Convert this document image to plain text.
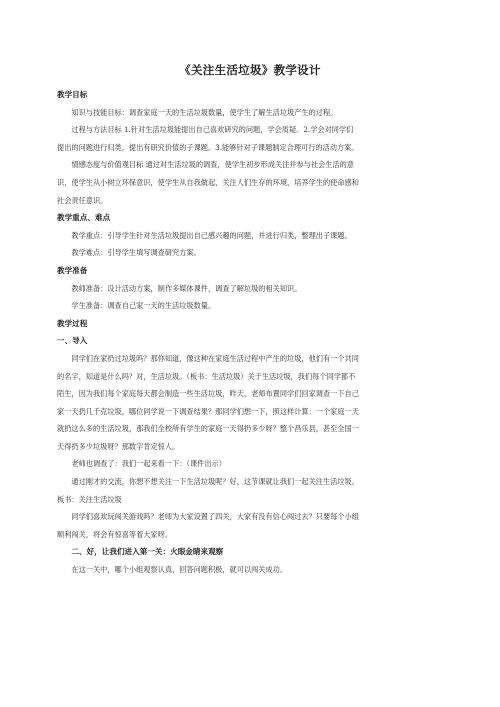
《关注生活垃圾》教学设计
教学目标
知识与技能目标：调查家庭一天的生活垃圾数量，使学生了解生活垃圾产生的过程。
过程与方法目标 1.针对生活垃圾能提出自己喜欢研究的问题，学会质疑。2.学会对同学们
提出的问题进行归类，提出有研究价值的子课题。3.能够针对子课题制定合理可行的活动方案。
情感态度与价值观目标 通过对生活垃圾的调查，使学生初步形成关注并参与社会生活的意
识，使学生从小树立环保意识，使学生从自我做起，关注人们生存的环境，培养学生的使命感和
社会责任意识。
教学重点、难点
教学重点：引导学生针对生活垃圾提出自己感兴趣的问题，并进行归类，整理出子课题。
教学难点：引导学生填写调查研究方案。
教学准备
教师准备：设计活动方案，制作多媒体课件，调查了解垃圾的相关知识。
学生准备：调查自己家一天的生活垃圾数量。
教学过程
一、导入
同学们在家扔过垃圾吗？那你知道，像这种在家庭生活过程中产生的垃圾，他们有一个共同
的名字，知道是什么吗？对，生活垃圾。（板书：生活垃圾）关于生活垃圾，我们每个同学都不
陌生，因为我们每个家庭每天都会制造一些生活垃圾，昨天，老师布置同学们回家调查一下自己
家一天扔几千克垃圾，哪位同学说一下调查结果？那同学们想一下，照这样计算：一个家庭一天
就扔这么多的生活垃圾，那我们全校所有学生的家庭一天得扔多少呀？整个昌乐县，甚至全国一
天得扔多少垃圾呀？那数字肯定惊人。
老师也调查了：我们一起来看一下：（课件出示）
通过刚才的交流，你想不想关注一下生活垃圾呢？好，这节课就让我们一起关注生活垃圾。
板书：关注生活垃圾
同学们喜欢玩闯关游戏吗？老师为大家设置了四关，大家有没有信心闯过去？只要每个小组
顺利闯关，将会有惊喜等着大家呀。
二、好，让我们进入第一关：火眼金睛来观察
在这一关中，哪个小组观察认真，回答问题积极，就可以闯关成功。
